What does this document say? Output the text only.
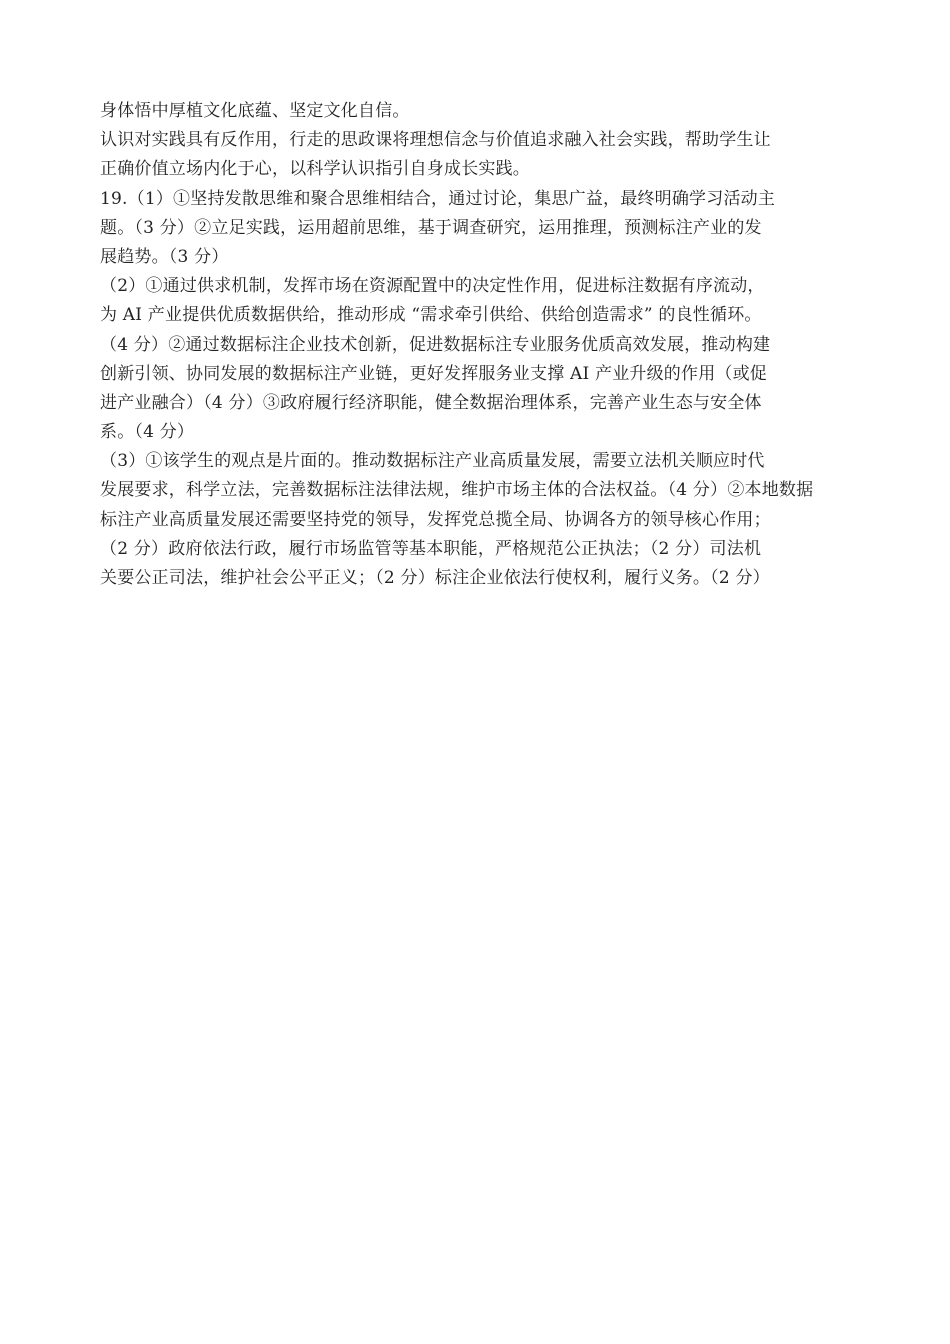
身体悟中厚植文化底蕴、坚定文化自信。
认识对实践具有反作用，行走的思政课将理想信念与价值追求融入社会实践，帮助学生让
正确价值立场内化于心，以科学认识指引自身成长实践。
19.（1）①坚持发散思维和聚合思维相结合，通过讨论，集思广益，最终明确学习活动主
题。（3 分）②立足实践，运用超前思维，基于调查研究，运用推理，预测标注产业的发
展趋势。（3 分）
（2）①通过供求机制，发挥市场在资源配置中的决定性作用，促进标注数据有序流动，
为 AI 产业提供优质数据供给，推动形成 “需求牵引供给、供给创造需求” 的良性循环。
（4 分）②通过数据标注企业技术创新，促进数据标注专业服务优质高效发展，推动构建
创新引领、协同发展的数据标注产业链，更好发挥服务业支撑 AI 产业升级的作用（或促
进产业融合）（4 分）③政府履行经济职能，健全数据治理体系，完善产业生态与安全体
系。（4 分）
（3）①该学生的观点是片面的。推动数据标注产业高质量发展，需要立法机关顺应时代
发展要求，科学立法，完善数据标注法律法规，维护市场主体的合法权益。（4 分）②本地数据
标注产业高质量发展还需要坚持党的领导，发挥党总揽全局、协调各方的领导核心作用；
（2 分）政府依法行政，履行市场监管等基本职能，严格规范公正执法；（2 分）司法机
关要公正司法，维护社会公平正义；（2 分）标注企业依法行使权利，履行义务。（2 分）
